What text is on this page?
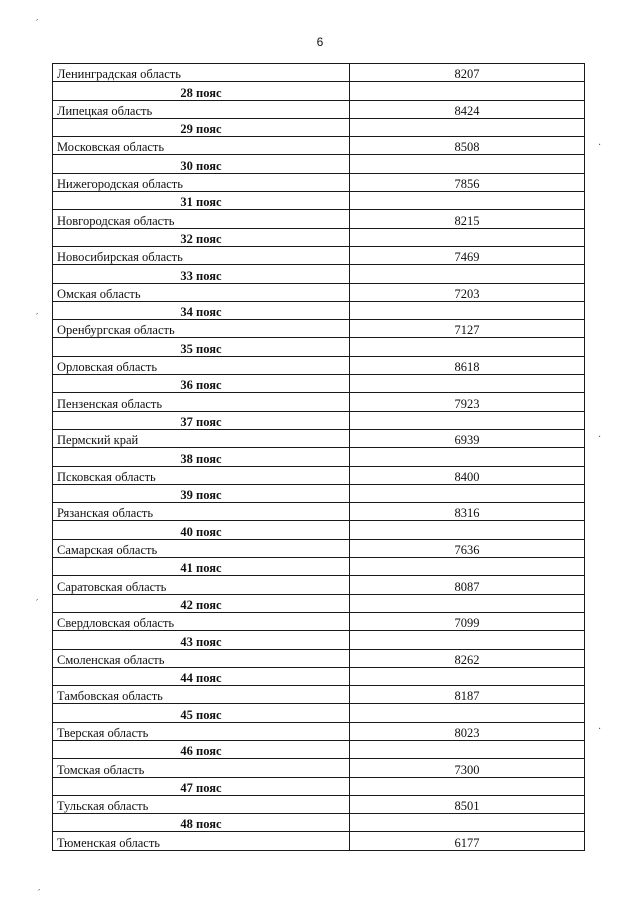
6
Ленинградская область	8207
28 пояс	
Липецкая область	8424
29 пояс	
Московская область	8508
30 пояс	
Нижегородская область	7856
31 пояс	
Новгородская область	8215
32 пояс	
Новосибирская область	7469
33 пояс	
Омская область	7203
34 пояс	
Оренбургская область	7127
35 пояс	
Орловская область	8618
36 пояс	
Пензенская область	7923
37 пояс	
Пермский край	6939
38 пояс	
Псковская область	8400
39 пояс	
Рязанская область	8316
40 пояс	
Самарская область	7636
41 пояс	
Саратовская область	8087
42 пояс	
Свердловская область	7099
43 пояс	
Смоленская область	8262
44 пояс	
Тамбовская область	8187
45 пояс	
Тверская область	8023
46 пояс	
Томская область	7300
47 пояс	
Тульская область	8501
48 пояс	
Тюменская область	6177
′
′
′
′
·
·
·
